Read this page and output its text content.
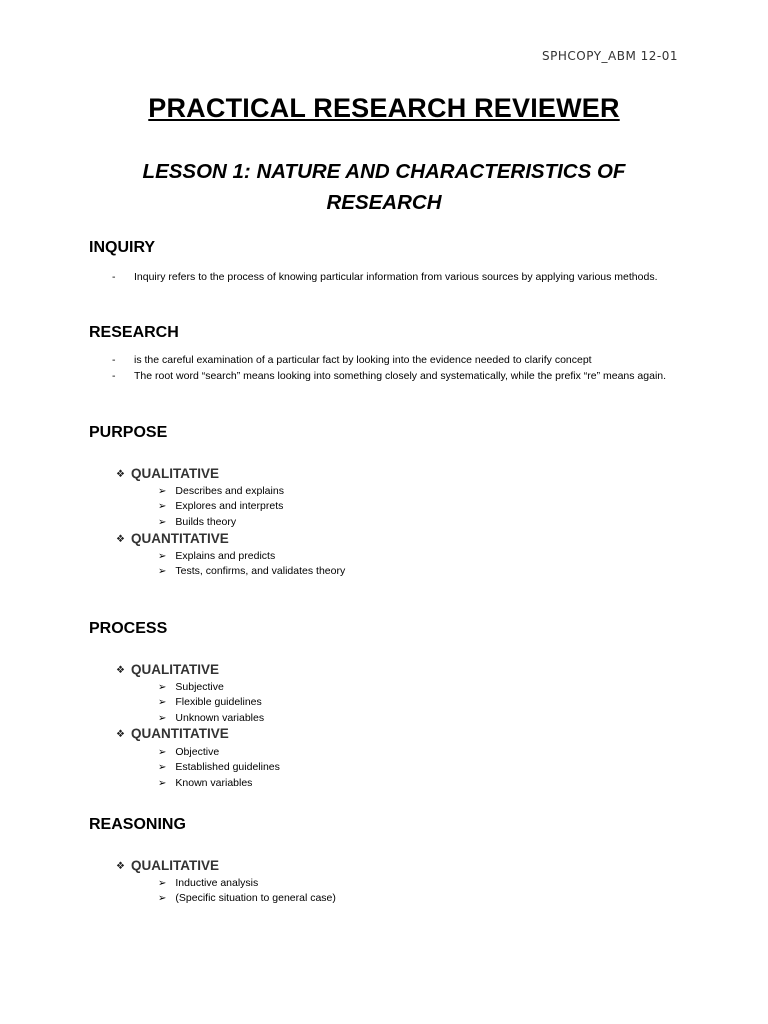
SPHCOPY_ABM 12-01
PRACTICAL RESEARCH REVIEWER
LESSON 1: NATURE AND CHARACTERISTICS OF
RESEARCH
INQUIRY
- Inquiry refers to the process of knowing particular information from various sources by applying various methods.
RESEARCH
- is the careful examination of a particular fact by looking into the evidence needed to clarify concept
- The root word “search” means looking into something closely and systematically, while the prefix “re” means again.
PURPOSE
❖ QUALITATIVE
➢ Describes and explains
➢ Explores and interprets
➢ Builds theory
❖ QUANTITATIVE
➢ Explains and predicts
➢ Tests, confirms, and validates theory
PROCESS
❖ QUALITATIVE
➢ Subjective
➢ Flexible guidelines
➢ Unknown variables
❖ QUANTITATIVE
➢ Objective
➢ Established guidelines
➢ Known variables
REASONING
❖ QUALITATIVE
➢ Inductive analysis
➢ (Specific situation to general case)
